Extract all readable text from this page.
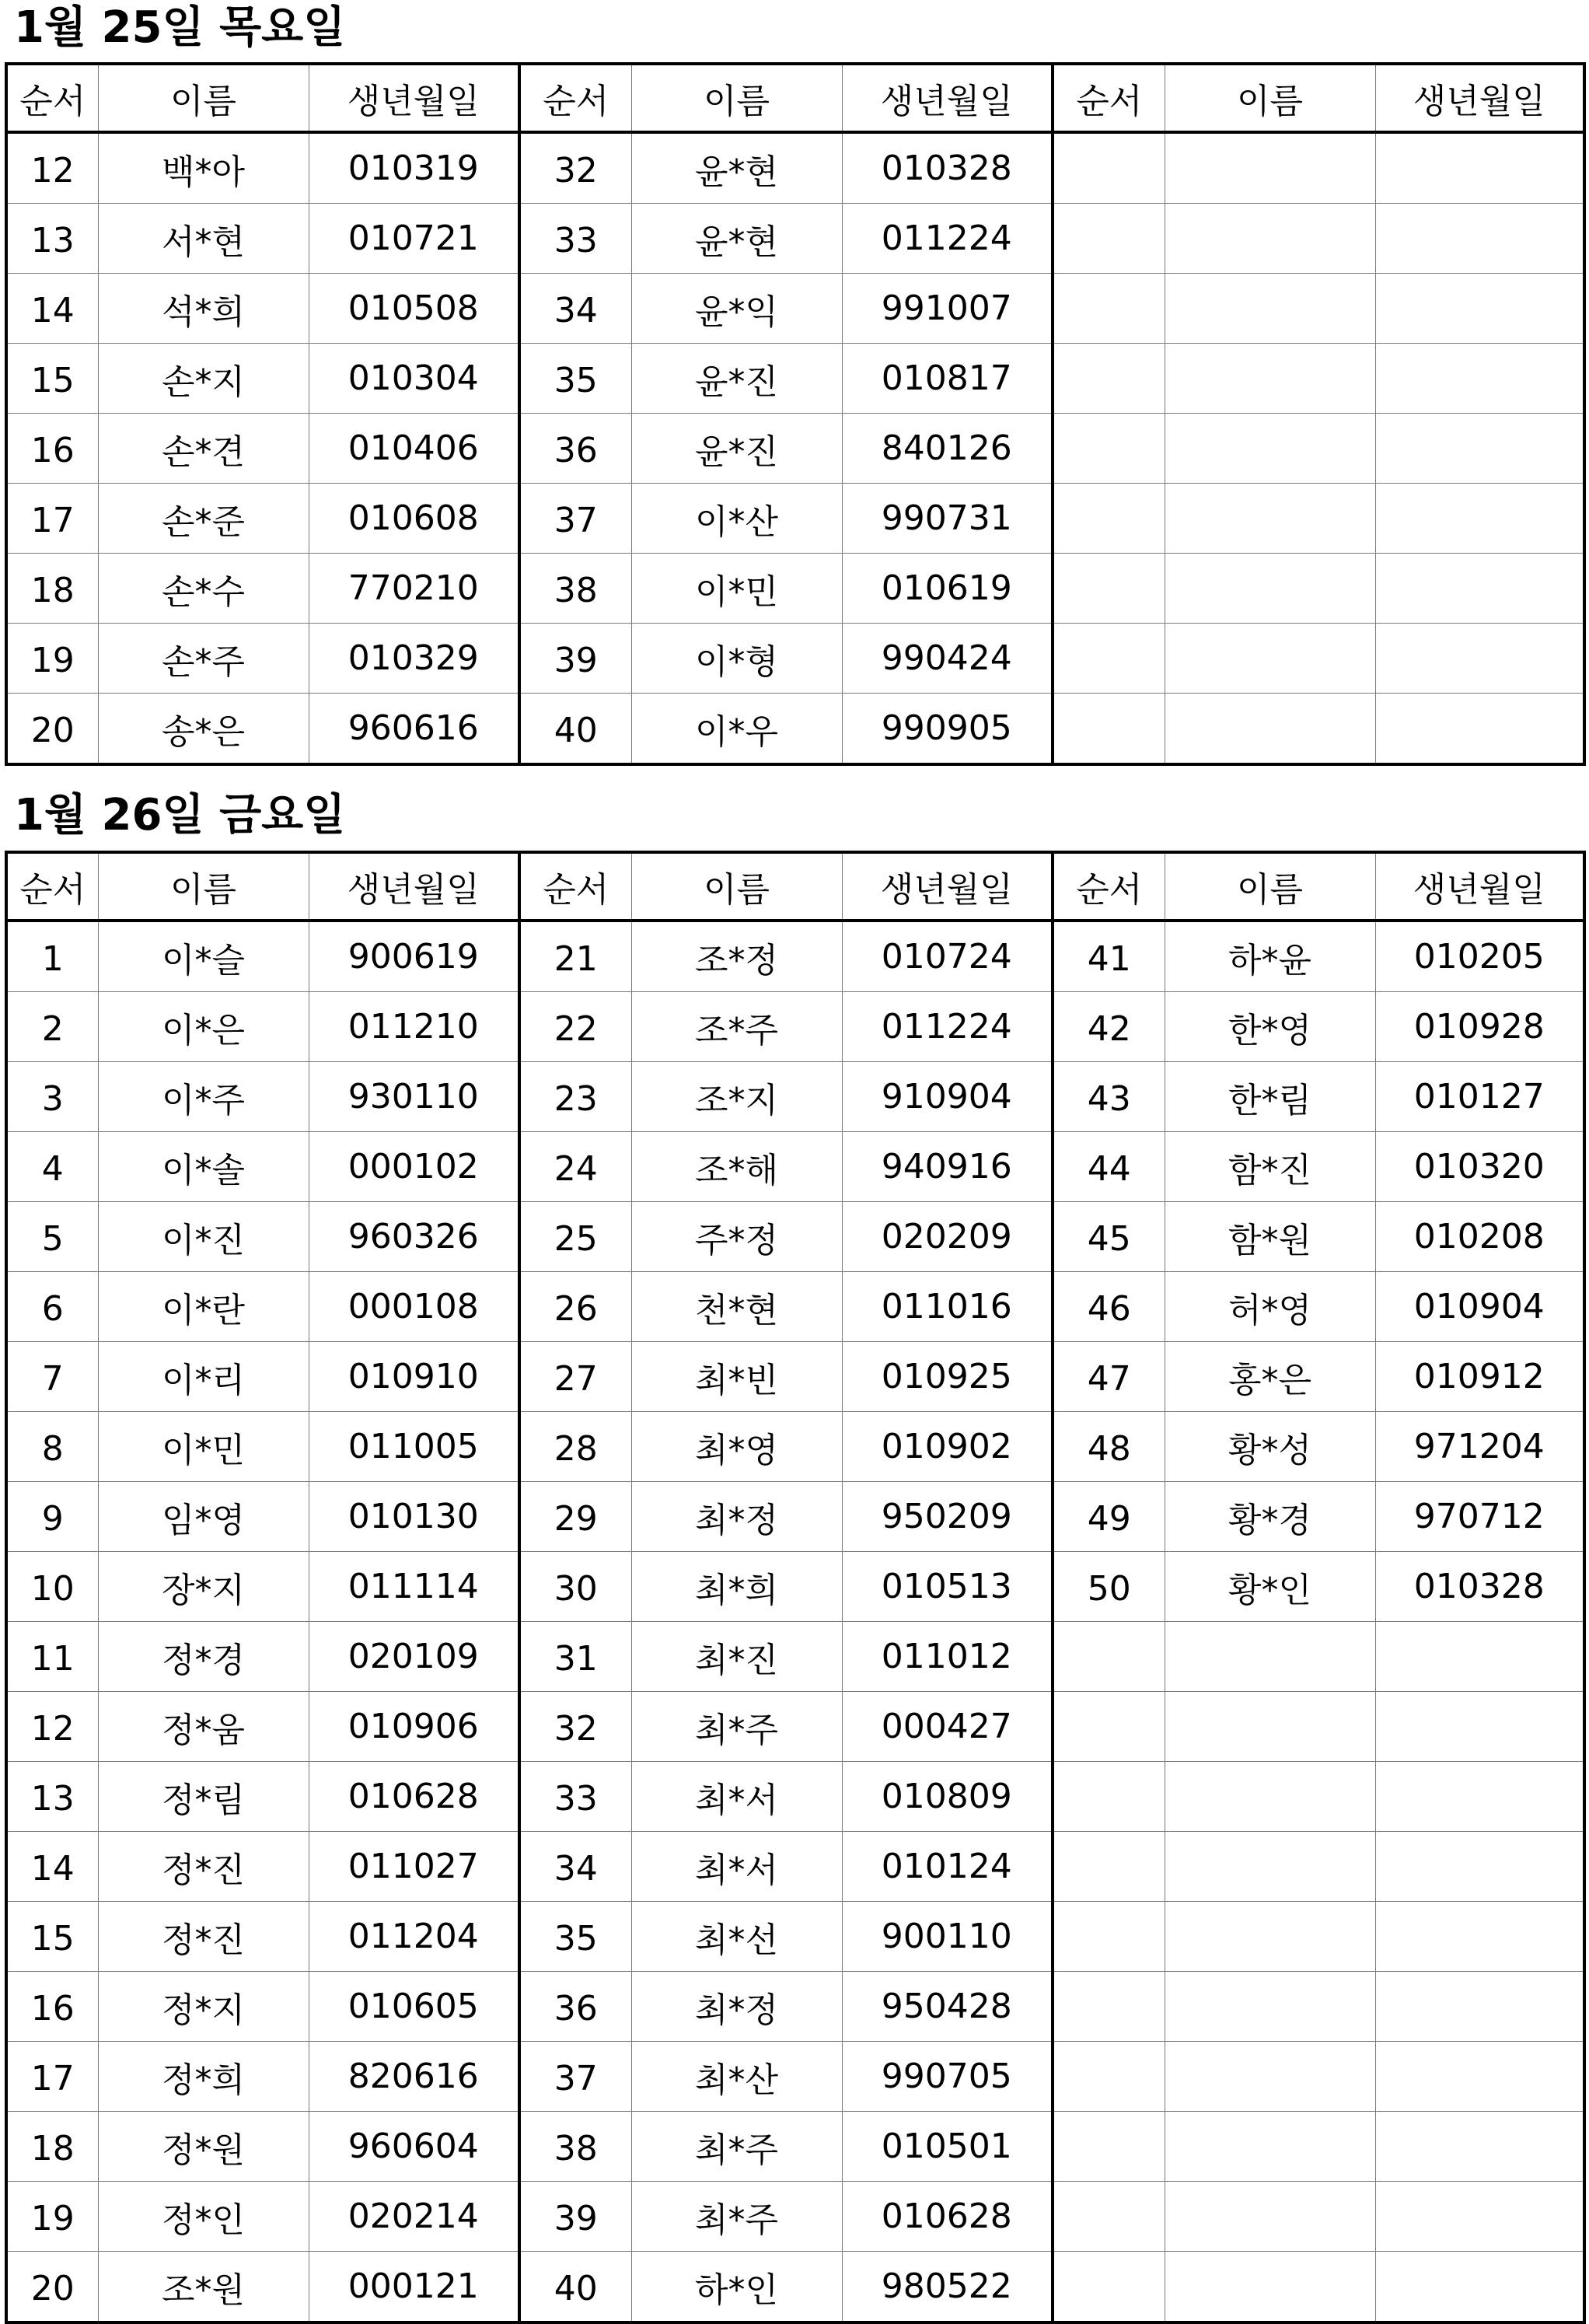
1월 25일 목요일
순서	이름	생년월일	순서	이름	생년월일	순서	이름	생년월일
12	백*아	010319	32	윤*현	010328			
13	서*현	010721	33	윤*현	011224			
14	석*희	010508	34	윤*익	991007			
15	손*지	010304	35	윤*진	010817			
16	손*견	010406	36	윤*진	840126			
17	손*준	010608	37	이*산	990731			
18	손*수	770210	38	이*민	010619			
19	손*주	010329	39	이*형	990424			
20	송*은	960616	40	이*우	990905			
1월 26일 금요일
순서	이름	생년월일	순서	이름	생년월일	순서	이름	생년월일
1	이*슬	900619	21	조*정	010724	41	하*윤	010205
2	이*은	011210	22	조*주	011224	42	한*영	010928
3	이*주	930110	23	조*지	910904	43	한*림	010127
4	이*솔	000102	24	조*해	940916	44	함*진	010320
5	이*진	960326	25	주*정	020209	45	함*원	010208
6	이*란	000108	26	천*현	011016	46	허*영	010904
7	이*리	010910	27	최*빈	010925	47	홍*은	010912
8	이*민	011005	28	최*영	010902	48	황*성	971204
9	임*영	010130	29	최*정	950209	49	황*경	970712
10	장*지	011114	30	최*희	010513	50	황*인	010328
11	정*경	020109	31	최*진	011012			
12	정*움	010906	32	최*주	000427			
13	정*림	010628	33	최*서	010809			
14	정*진	011027	34	최*서	010124			
15	정*진	011204	35	최*선	900110			
16	정*지	010605	36	최*정	950428			
17	정*희	820616	37	최*산	990705			
18	정*원	960604	38	최*주	010501			
19	정*인	020214	39	최*주	010628			
20	조*원	000121	40	하*인	980522			
